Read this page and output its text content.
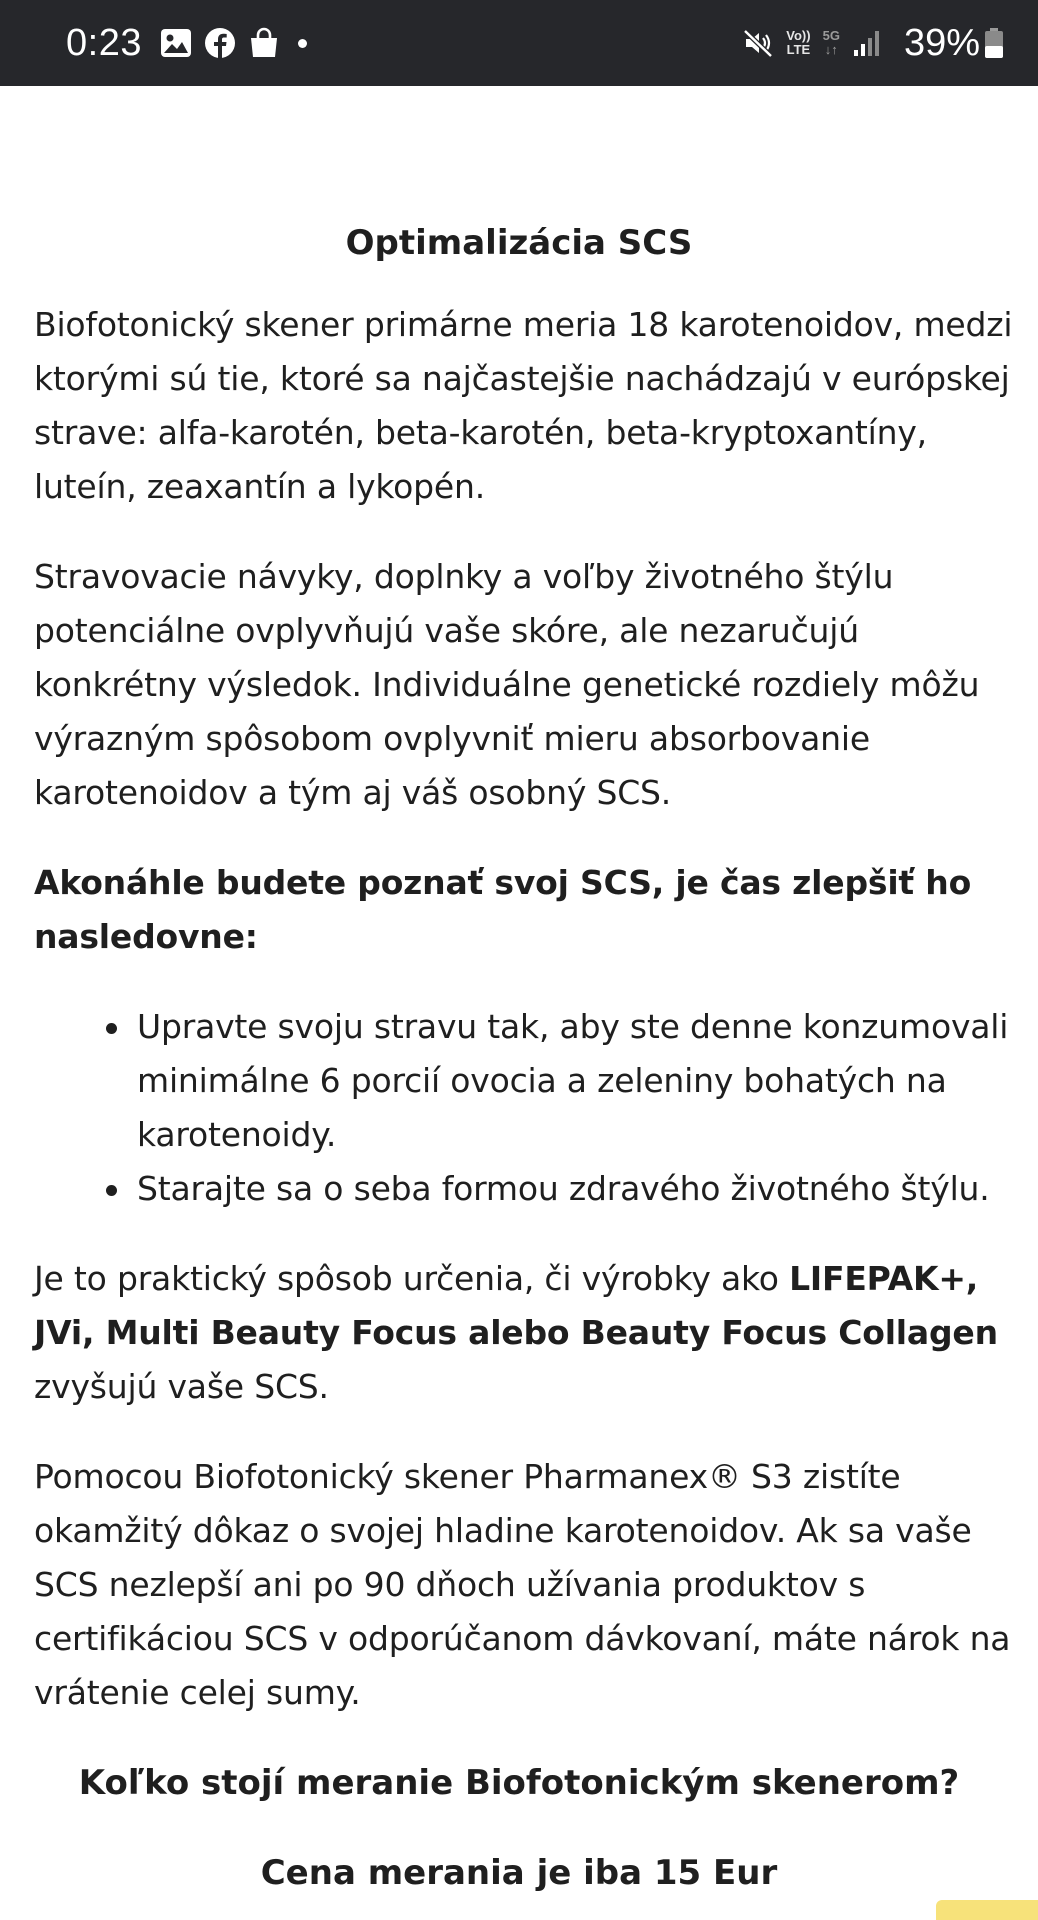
0:23	Vo))
LTE
5G
↓↑ 39%
Optimalizácia SCS

Biofotonický skener primárne meria 18 karotenoidov, medzi ktorými sú tie, ktoré sa najčastejšie nachádzajú v európskej strave: alfa-karotén, beta-karotén, beta-kryptoxantíny, luteín, zeaxantín a lykopén.

Stravovacie návyky, doplnky a voľby životného štýlu potenciálne ovplyvňujú vaše skóre, ale nezaručujú konkrétny výsledok. Individuálne genetické rozdiely môžu výrazným spôsobom ovplyvniť mieru absorbovanie karotenoidov a tým aj váš osobný SCS.

Akonáhle budete poznať svoj SCS, je čas zlepšiť ho nasledovne:

Upravte svoju stravu tak, aby ste denne konzumovali minimálne 6 porcií ovocia a zeleniny bohatých na karotenoidy.
Starajte sa o seba formou zdravého životného štýlu.

Je to praktický spôsob určenia, či výrobky ako LIFEPAK+, JVi, Multi Beauty Focus alebo Beauty Focus Collagen zvyšujú vaše SCS.

Pomocou Biofotonický skener Pharmanex® S3 zistíte okamžitý dôkaz o svojej hladine karotenoidov. Ak sa vaše SCS nezlepší ani po 90 dňoch užívania produktov s certifikáciou SCS v odporúčanom dávkovaní, máte nárok na vrátenie celej sumy.

Koľko stojí meranie Biofotonickým skenerom?
Cena merania je iba 15 Eur
